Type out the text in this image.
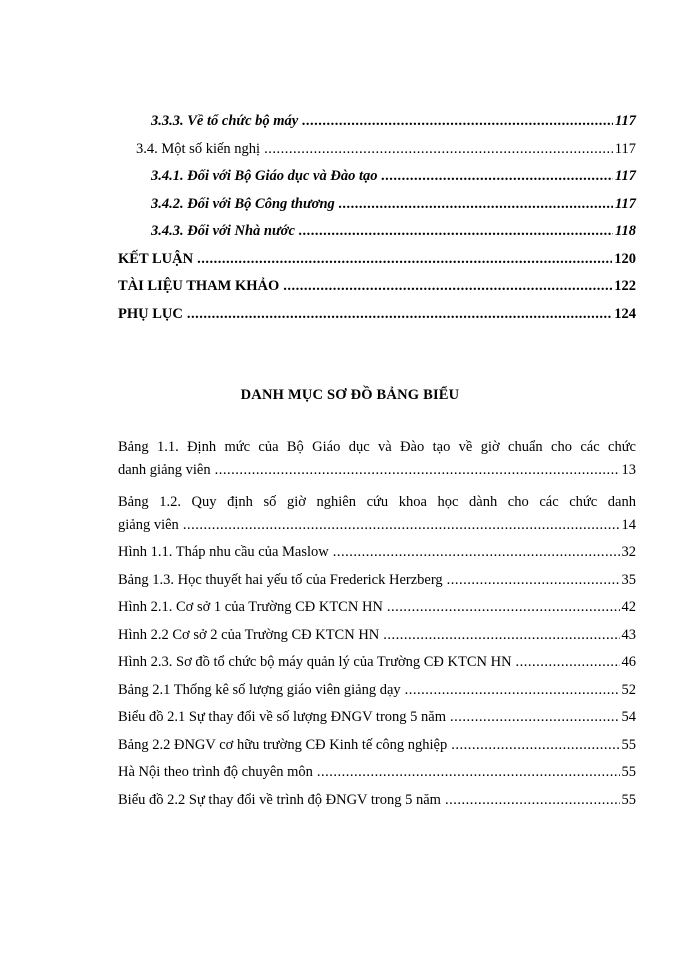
3.3.3. Về tổ chức bộ máy .....	117
3.4. Một số kiến nghị .....	117
3.4.1. Đối với Bộ Giáo dục và Đào tạo .....	117
3.4.2. Đối với Bộ Công thương .....	117
3.4.3. Đối với Nhà nước .....	118
KẾT LUẬN .....	120
TÀI LIỆU THAM KHẢO .....	122
PHỤ LỤC .....	124
DANH MỤC SƠ ĐỒ BẢNG BIỂU
Bảng 1.1. Định mức của Bộ Giáo dục và Đào tạo về giờ chuẩn cho các chức
danh giảng viên .....	13
Bảng 1.2. Quy định số giờ nghiên cứu khoa học dành cho các chức danh
giảng viên .....	14
Hình 1.1. Tháp nhu cầu của Maslow .....	32
Bảng 1.3. Học thuyết hai yếu tố của Frederick Herzberg .....	35
Hình 2.1. Cơ sở 1 của Trường CĐ KTCN HN .....	42
Hình 2.2 Cơ sở 2 của Trường CĐ KTCN HN .....	43
Hình 2.3. Sơ đồ tổ chức bộ máy quản lý của Trường CĐ KTCN HN .....	46
Bảng 2.1 Thống kê số lượng giáo viên giảng dạy .....	52
Biểu đồ 2.1 Sự thay đổi về số lượng ĐNGV trong 5 năm .....	54
Bảng 2.2 ĐNGV cơ hữu trường CĐ Kinh tế công nghiệp .....	55
Hà Nội theo trình độ chuyên môn .....	55
Biểu đồ 2.2 Sự thay đổi về trình độ ĐNGV trong 5 năm .....	55
